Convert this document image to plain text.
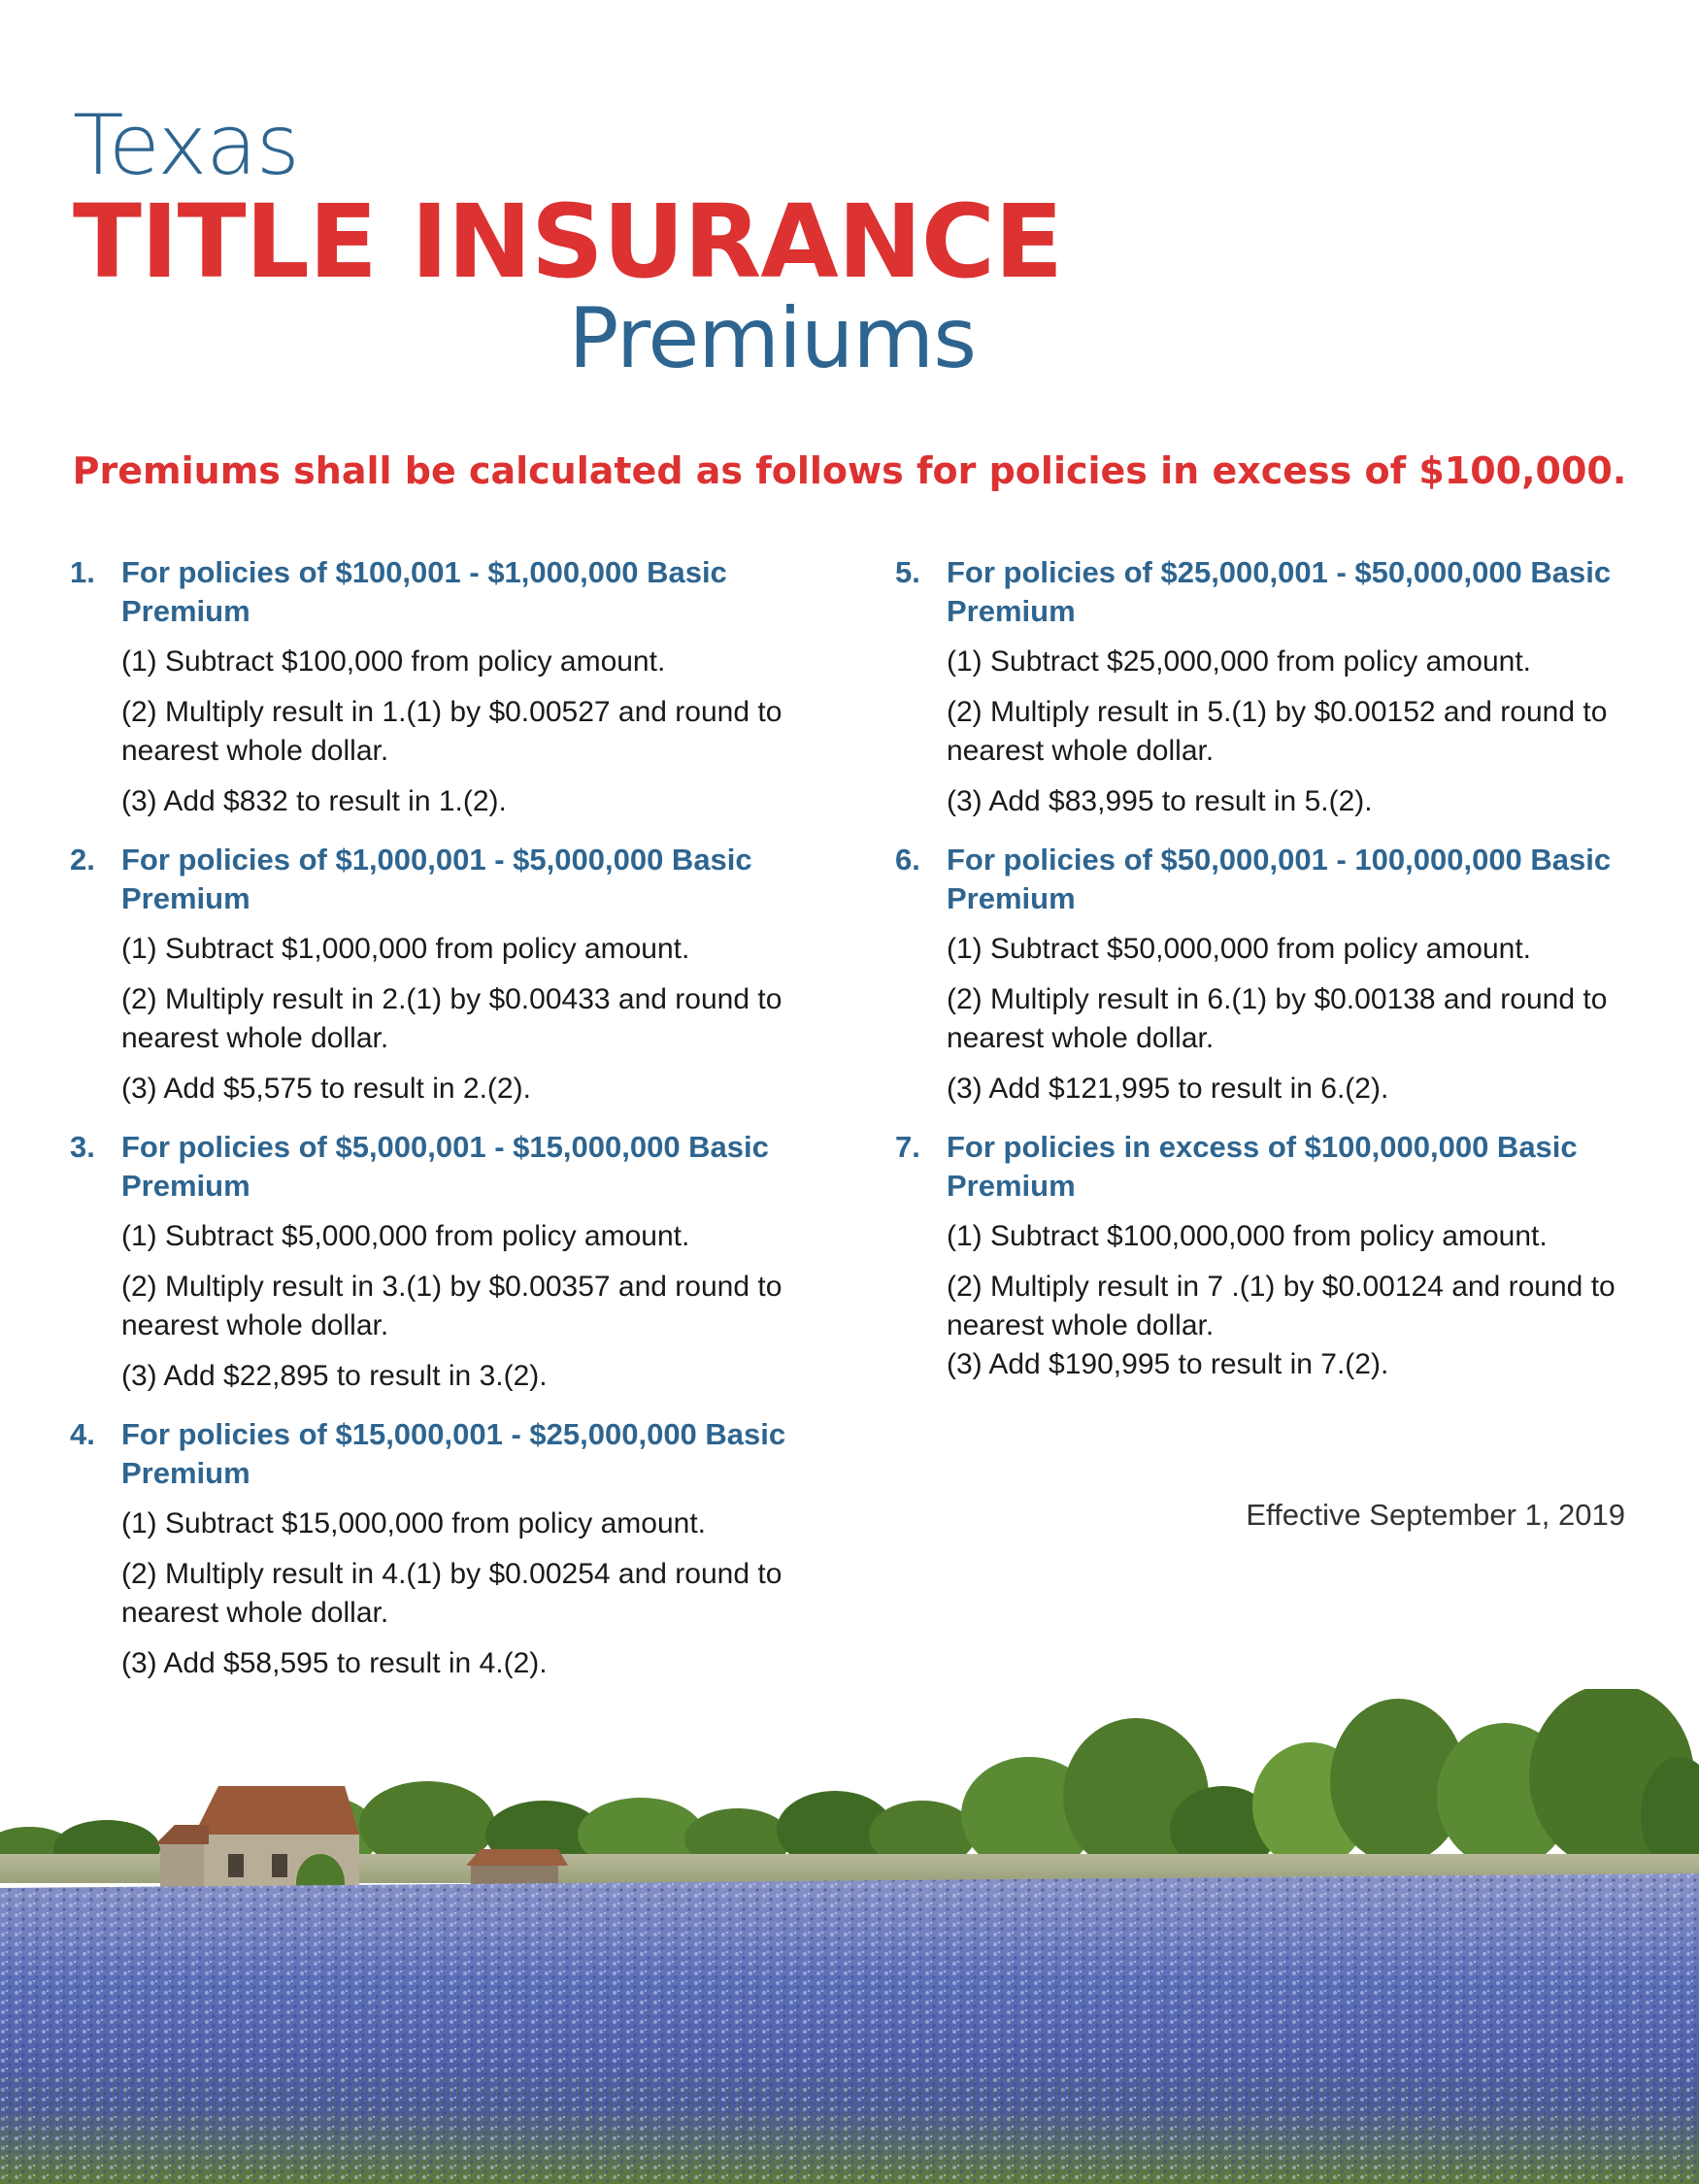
Texas
TITLE INSURANCE
Premiums
Premiums shall be calculated as follows for policies in excess of $100,000.
1. For policies of $100,001 - $1,000,000 Basic Premium
(1) Subtract $100,000 from policy amount.
(2) Multiply result in 1.(1) by $0.00527 and round to nearest whole dollar.
(3) Add $832 to result in 1.(2).
2. For policies of $1,000,001 - $5,000,000 Basic Premium
(1) Subtract $1,000,000 from policy amount.
(2) Multiply result in 2.(1) by $0.00433 and round to nearest whole dollar.
(3) Add $5,575 to result in 2.(2).
3. For policies of $5,000,001 - $15,000,000 Basic Premium
(1) Subtract $5,000,000 from policy amount.
(2) Multiply result in 3.(1) by $0.00357 and round to nearest whole dollar.
(3) Add $22,895 to result in 3.(2).
4. For policies of $15,000,001 - $25,000,000 Basic Premium
(1) Subtract $15,000,000 from policy amount.
(2) Multiply result in 4.(1) by $0.00254 and round to nearest whole dollar.
(3) Add $58,595 to result in 4.(2).
5. For policies of $25,000,001 - $50,000,000 Basic Premium
(1) Subtract $25,000,000 from policy amount.
(2) Multiply result in 5.(1) by $0.00152 and round to nearest whole dollar.
(3) Add $83,995 to result in 5.(2).
6. For policies of $50,000,001 - 100,000,000 Basic Premium
(1) Subtract $50,000,000 from policy amount.
(2) Multiply result in 6.(1) by $0.00138 and round to nearest whole dollar.
(3) Add $121,995 to result in 6.(2).
7. For policies in excess of $100,000,000 Basic Premium
(1) Subtract $100,000,000 from policy amount.
(2) Multiply result in 7 .(1) by $0.00124 and round to nearest whole dollar.
(3) Add $190,995 to result in 7.(2).
Effective September 1, 2019
